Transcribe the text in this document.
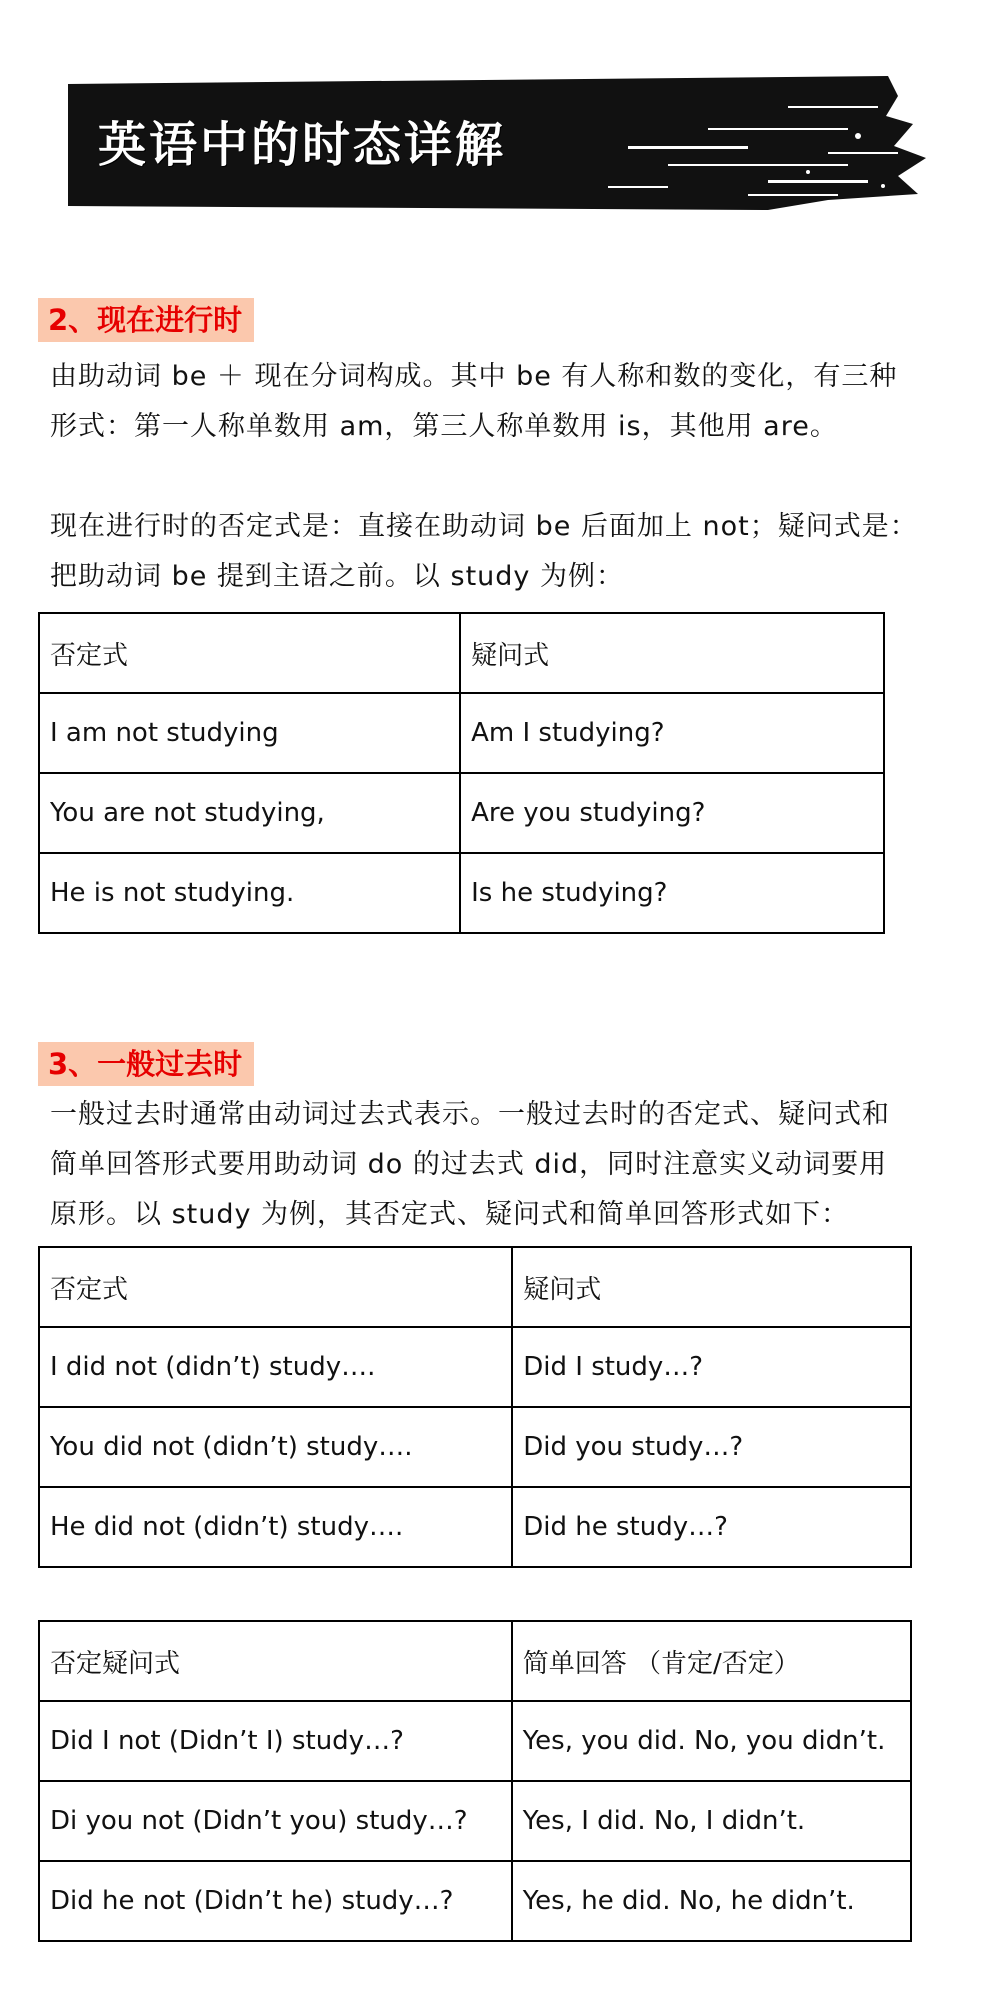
英语中的时态详解
2、现在进行时

由助动词 be ＋ 现在分词构成。其中 be 有人称和数的变化，有三种
形式：第一人称单数用 am，第三人称单数用 is，其他用 are。

现在进行时的否定式是：直接在助动词 be 后面加上 not；疑问式是：
把助动词 be 提到主语之前。以 study 为例：

否定式	疑问式
I am not studying	Am I studying?
You are not studying,	Are you studying?
He is not studying.	Is he studying?
3、一般过去时

一般过去时通常由动词过去式表示。一般过去时的否定式、疑问式和
简单回答形式要用助动词 do 的过去式 did，同时注意实义动词要用
原形。以 study 为例，其否定式、疑问式和简单回答形式如下：

否定式	疑问式
I did not (didn’t) study….	Did I study…?
You did not (didn’t) study….	Did you study…?
He did not (didn’t) study….	Did he study…?
否定疑问式	简单回答 （肯定/否定）
Did I not (Didn’t I) study…?	Yes, you did. No, you didn’t.
Di you not (Didn’t you) study…?	Yes, I did. No, I didn’t.
Did he not (Didn’t he) study…?	Yes, he did. No, he didn’t.
